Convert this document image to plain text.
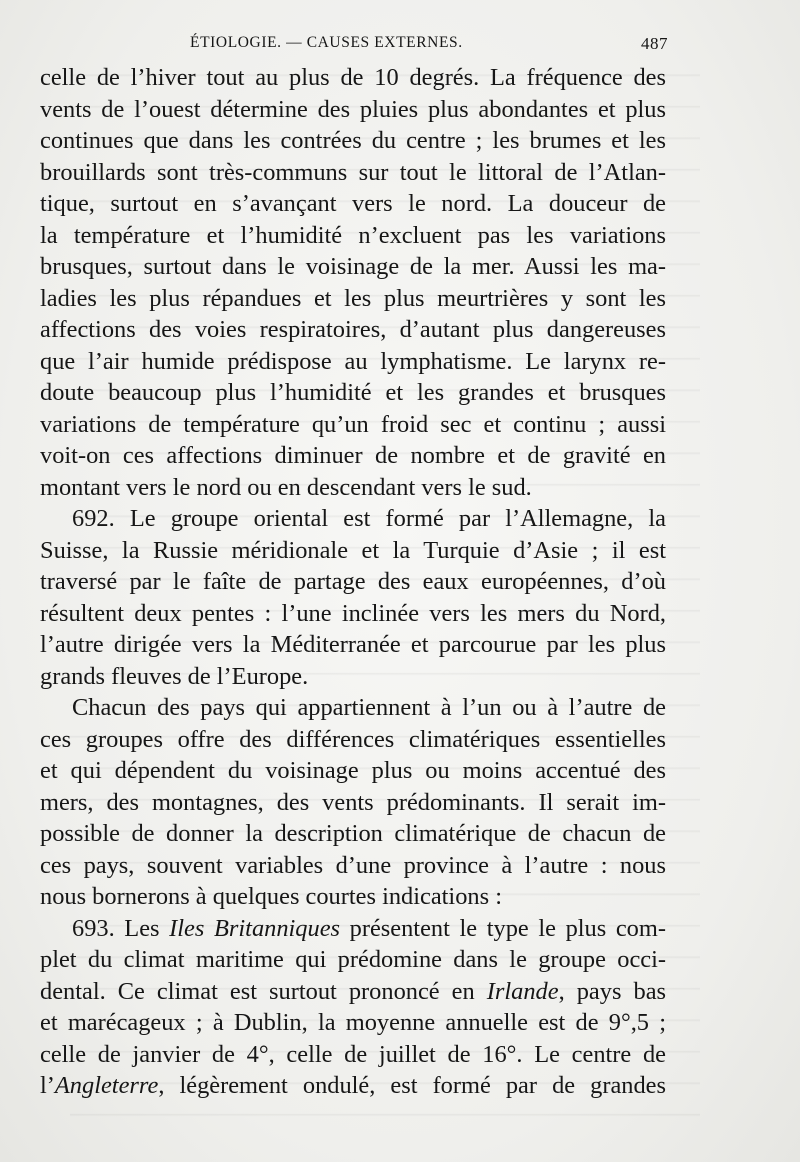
ÉTIOLOGIE. — CAUSES EXTERNES.	487
celle de l’hiver tout au plus de 10 degrés. La fréquence des
vents de l’ouest détermine des pluies plus abondantes et plus
continues que dans les contrées du centre ; les brumes et les
brouillards sont très-communs sur tout le littoral de l’Atlan-
tique, surtout en s’avançant vers le nord. La douceur de
la température et l’humidité n’excluent pas les variations
brusques, surtout dans le voisinage de la mer. Aussi les ma-
ladies les plus répandues et les plus meurtrières y sont les
affections des voies respiratoires, d’autant plus dangereuses
que l’air humide prédispose au lymphatisme. Le larynx re-
doute beaucoup plus l’humidité et les grandes et brusques
variations de température qu’un froid sec et continu ; aussi
voit-on ces affections diminuer de nombre et de gravité en
montant vers le nord ou en descendant vers le sud.
692. Le groupe oriental est formé par l’Allemagne, la
Suisse, la Russie méridionale et la Turquie d’Asie ; il est
traversé par le faîte de partage des eaux européennes, d’où
résultent deux pentes : l’une inclinée vers les mers du Nord,
l’autre dirigée vers la Méditerranée et parcourue par les plus
grands fleuves de l’Europe.
Chacun des pays qui appartiennent à l’un ou à l’autre de
ces groupes offre des différences climatériques essentielles
et qui dépendent du voisinage plus ou moins accentué des
mers, des montagnes, des vents prédominants. Il serait im-
possible de donner la description climatérique de chacun de
ces pays, souvent variables d’une province à l’autre : nous
nous bornerons à quelques courtes indications :
693. Les Iles Britanniques présentent le type le plus com-
plet du climat maritime qui prédomine dans le groupe occi-
dental. Ce climat est surtout prononcé en Irlande, pays bas
et marécageux ; à Dublin, la moyenne annuelle est de 9°,5 ;
celle de janvier de 4°, celle de juillet de 16°. Le centre de
l’Angleterre, légèrement ondulé, est formé par de grandes
